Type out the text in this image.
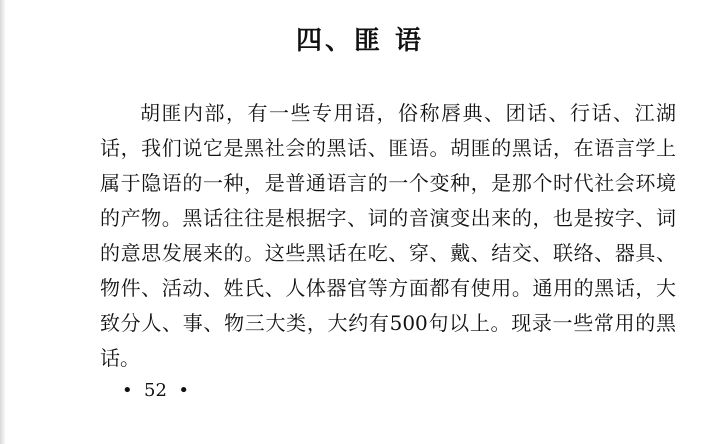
四、匪 语
胡匪内部，有一些专用语，俗称唇典、团话、行话、江湖
话，我们说它是黑社会的黑话、匪语。胡匪的黑话，在语言学上
属于隐语的一种，是普通语言的一个变种，是那个时代社会环境
的产物。黑话往往是根据字、词的音演变出来的，也是按字、词
的意思发展来的。这些黑话在吃、穿、戴、结交、联络、器具、
物件、活动、姓氏、人体器官等方面都有使用。通用的黑话，大
致分人、事、物三大类，大约有500句以上。现录一些常用的黑
话。
•  52  •
